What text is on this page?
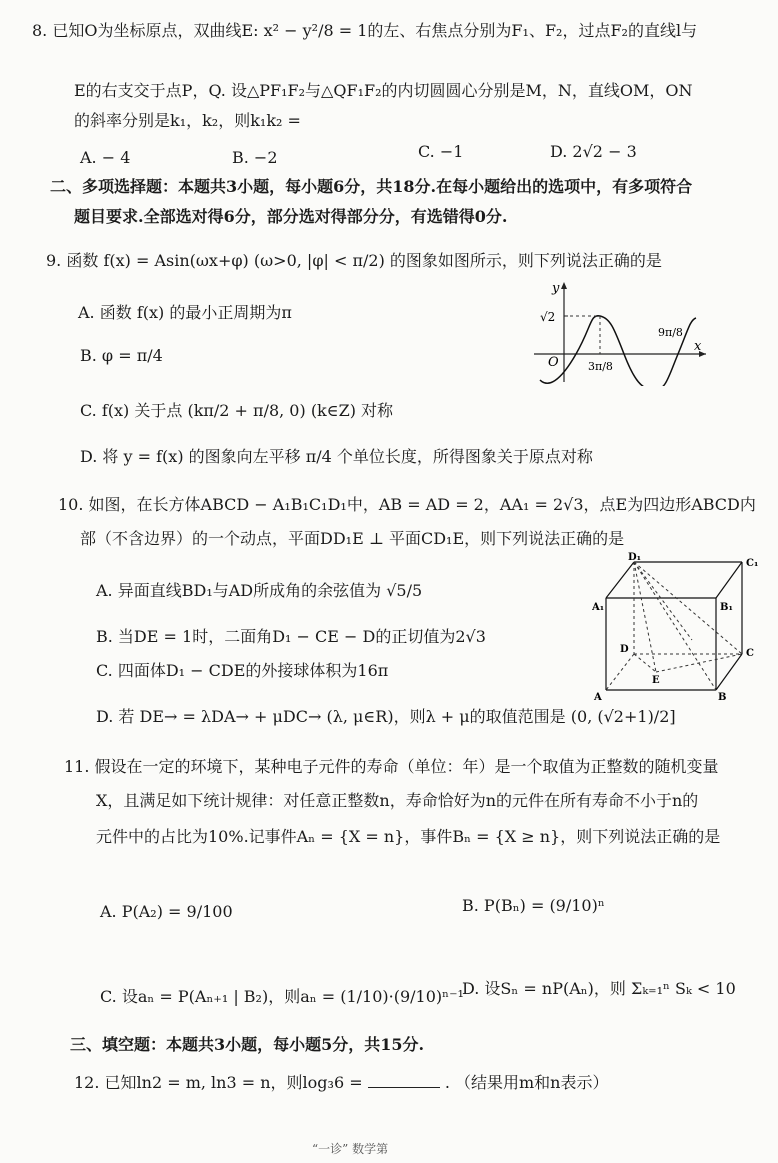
8. 已知O为坐标原点，双曲线E: x² − y²/8 = 1的左、右焦点分别为F₁、F₂，过点F₂的直线l与
E的右支交于点P，Q. 设△PF₁F₂与△QF₁F₂的内切圆圆心分别是M，N，直线OM，ON
的斜率分别是k₁，k₂，则k₁k₂ =
A. − 4	B. −2	C. −1	D. 2√2 − 3
二、多项选择题：本题共3小题，每小题6分，共18分.在每小题给出的选项中，有多项符合
题目要求.全部选对得6分，部分选对得部分分，有选错得0分.
9. 函数 f(x) = Asin(ωx+φ) (ω>0, |φ| < π/2) 的图象如图所示，则下列说法正确的是
A. 函数 f(x) 的最小正周期为π
B. φ = π/4
C. f(x) 关于点 (kπ/2 + π/8, 0) (k∈Z) 对称
D. 将 y = f(x) 的图象向左平移 π/4 个单位长度，所得图象关于原点对称
y
x
O
√2
3π/8
9π/8
10. 如图，在长方体ABCD − A₁B₁C₁D₁中，AB = AD = 2，AA₁ = 2√3，点E为四边形ABCD内
部（不含边界）的一个动点，平面DD₁E ⊥ 平面CD₁E，则下列说法正确的是
A. 异面直线BD₁与AD所成角的余弦值为 √5/5
B. 当DE = 1时，二面角D₁ − CE − D的正切值为2√3
C. 四面体D₁ − CDE的外接球体积为16π
D. 若 DE→ = λDA→ + μDC→ (λ, μ∈R)，则λ + μ的取值范围是 (0, (√2+1)/2]
D₁
C₁
A₁	B₁
D	C
A	B
E
11. 假设在一定的环境下，某种电子元件的寿命（单位：年）是一个取值为正整数的随机变量
X，且满足如下统计规律：对任意正整数n，寿命恰好为n的元件在所有寿命不小于n的
元件中的占比为10%.记事件Aₙ = {X = n}，事件Bₙ = {X ≥ n}，则下列说法正确的是
A. P(A₂) = 9/100	B. P(Bₙ) = (9/10)ⁿ
C. 设aₙ = P(Aₙ₊₁ | B₂)，则aₙ = (1/10)·(9/10)ⁿ⁻¹
D. 设Sₙ = nP(Aₙ)，则 Σₖ₌₁ⁿ Sₖ < 10
三、填空题：本题共3小题，每小题5分，共15分.
12. 已知ln2 = m, ln3 = n，则log₃6 =	. （结果用m和n表示）
“一诊” 数学第
